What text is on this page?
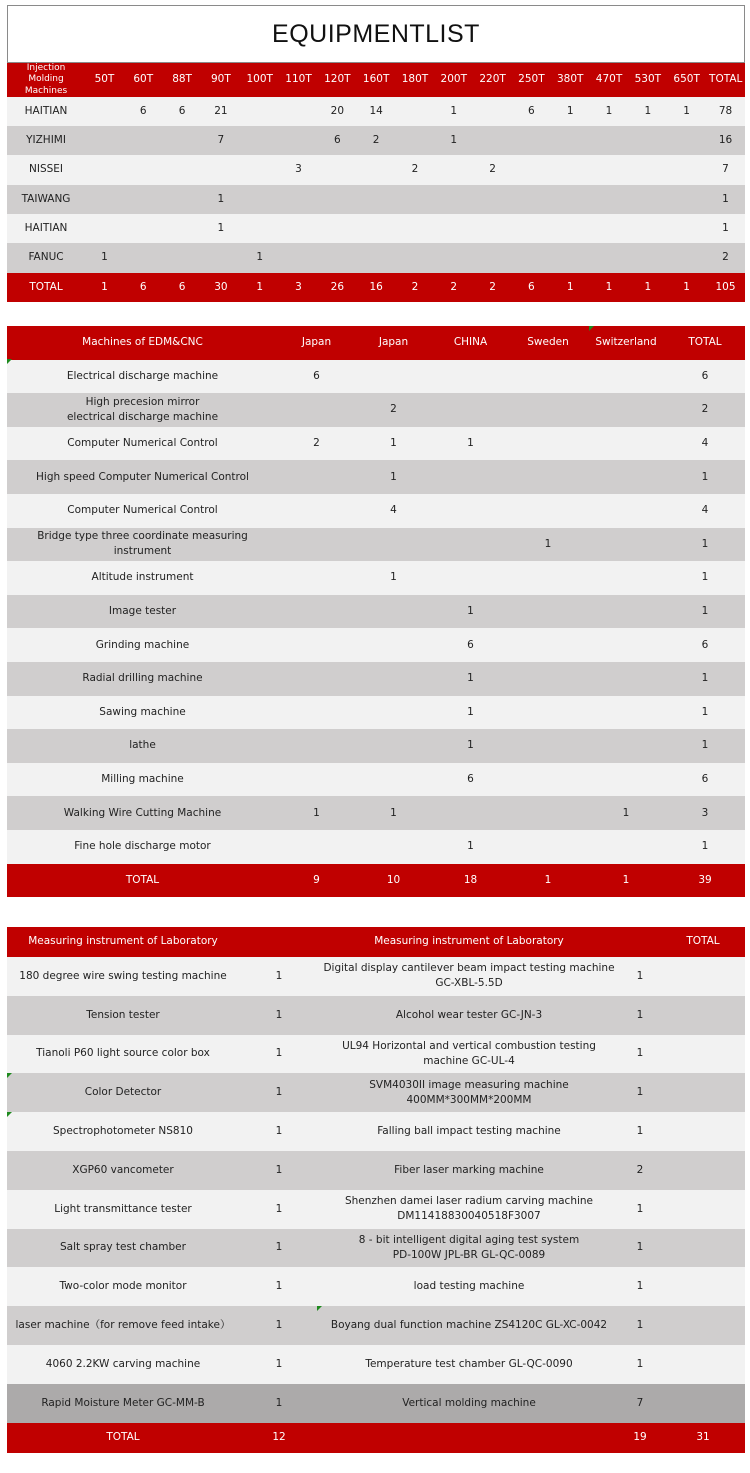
EQUIPMENTLIST
Injection Molding Machines	50T	60T	88T	90T	100T	110T	120T	160T	180T	200T	220T	250T	380T	470T	530T	650T	TOTAL
HAITIAN		6	6	21			20	14		1		6	1	1	1	1	78
YIZHIMI				7			6	2		1							16
NISSEI						3			2		2						7
TAIWANG				1													1
HAITIAN				1													1
FANUC	1				1												2
TOTAL	1	6	6	30	1	3	26	16	2	2	2	6	1	1	1	1	105
Machines of EDM&CNC	Japan	Japan	CHINA	Sweden	Switzerland	TOTAL
Electrical discharge machine	6					6
High precesion mirror
electrical discharge machine		2				2
Computer Numerical Control	2	1	1			4
High speed Computer Numerical Control		1				1
Computer Numerical Control		4				4
Bridge type three coordinate measuring instrument				1		1
Altitude instrument		1				1
Image tester			1			1
Grinding machine			6			6
Radial drilling machine			1			1
Sawing machine			1			1
lathe			1			1
Milling machine			6			6
Walking Wire Cutting Machine	1	1			1	3
Fine hole discharge motor			1			1
TOTAL	9	10	18	1	1	39
Measuring instrument of Laboratory		Measuring instrument of Laboratory		TOTAL
180 degree wire swing testing machine	1	Digital display cantilever beam impact testing machine
GC-XBL-5.5D	1	
Tension tester	1	Alcohol wear tester GC-JN-3	1	
Tianoli P60 light source color box	1	UL94 Horizontal and vertical combustion testing
machine GC-UL-4	1	
Color Detector	1	SVM4030II image measuring machine
400MM*300MM*200MM	1	
Spectrophotometer NS810	1	Falling ball impact testing machine	1	
XGP60 vancometer	1	Fiber laser marking machine	2	
Light transmittance tester	1	Shenzhen damei laser radium carving machine
DM11418830040518F3007	1	
Salt spray test chamber	1	8 - bit intelligent digital aging test system
PD-100W JPL-BR GL-QC-0089	1	
Two-color mode monitor	1	load testing machine	1	
laser machine（for remove feed intake）	1	Boyang dual function machine ZS4120C GL-XC-0042	1	
4060 2.2KW carving machine	1	Temperature test chamber GL-QC-0090	1	
Rapid Moisture Meter GC-MM-B	1	Vertical molding machine	7	
TOTAL	12		19	31
